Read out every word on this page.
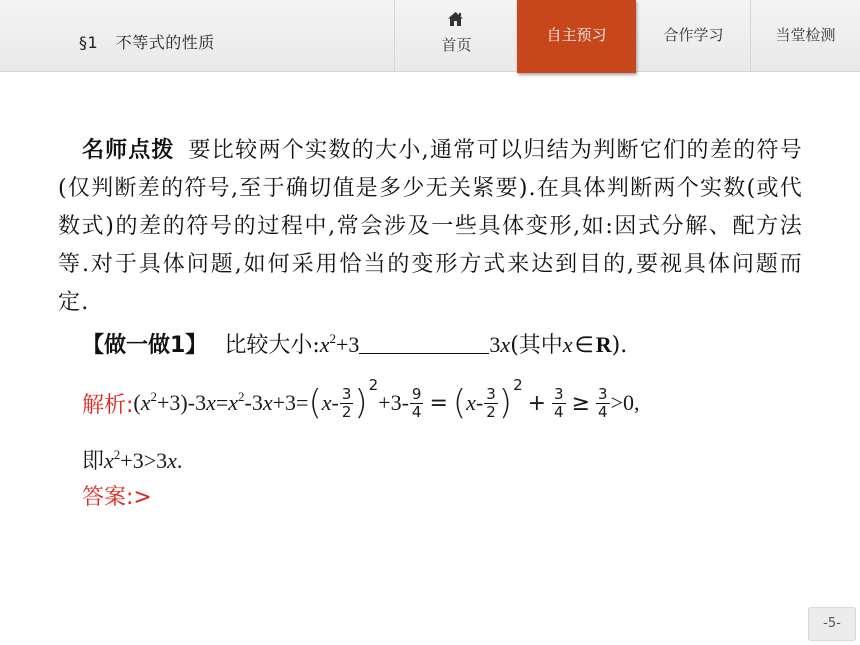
§1 不等式的性质	首页
自主预习	合作学习	当堂检测
名师点拨 要比较两个实数的大小,通常可以归结为判断它们的差的符号(仅判断差的符号,至于确切值是多少无关紧要).在具体判断两个实数(或代数式)的差的符号的过程中,常会涉及一些具体变形,如:因式分解、配方法等.对于具体问题,如何采用恰当的变形方式来达到目的,要视具体问题而定.
【做一做1】 比较大小$:x^2+3$	3x(其中x∈R).
解析: $(x^2+3)-3x=x^2-3x+3=$ ( $x- \frac{3}{2}$ ) 2
$+3- \frac{9}{4}$ = ( $x- \frac{3}{2}$ ) 2
+ $\frac{3}{4} \ge \frac{3}{4} >0$,
即$x^2+3>3x$.
答案:>
-5-
